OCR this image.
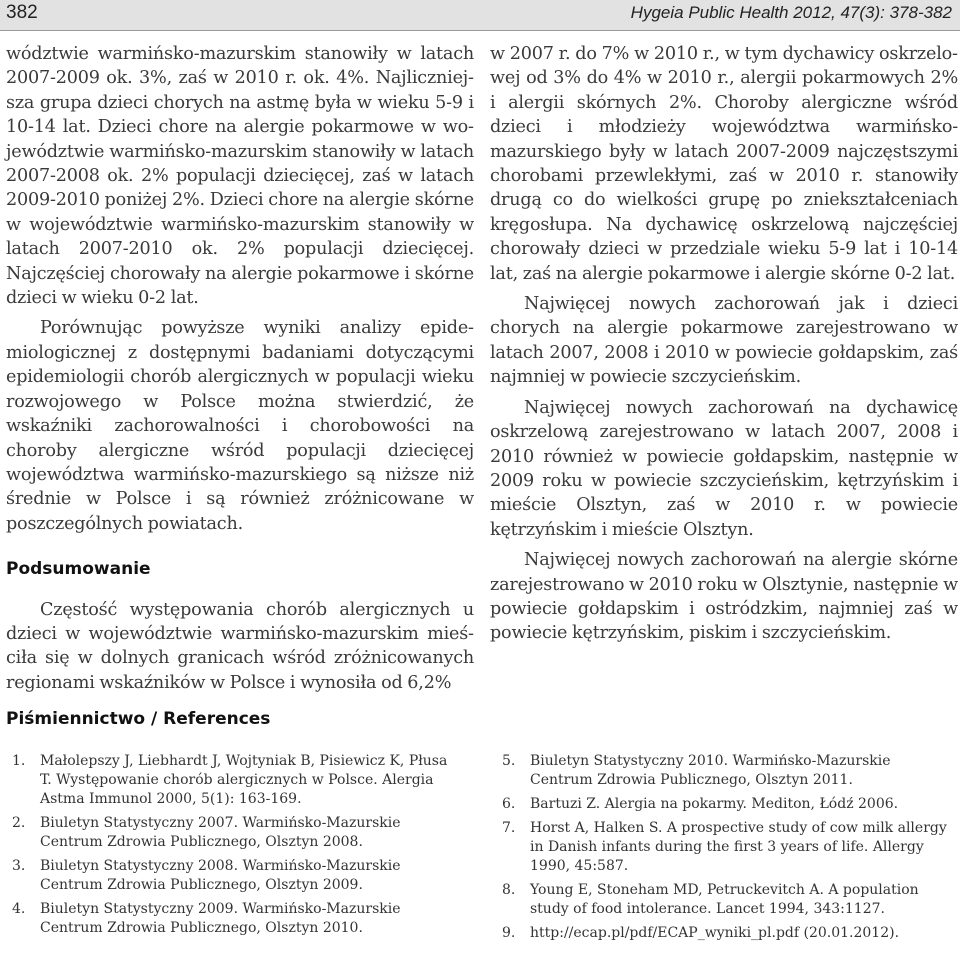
382	Hygeia Public Health 2012, 47(3): 378-382

wództwie warmińsko-mazurskim stanowiły w latach 2007-2009 ok. 3%, zaś w 2010 r. ok. 4%. Najliczniejsza grupa dzieci chorych na astmę była w wieku 5-9 i 10-14 lat. Dzieci chore na alergie pokarmowe w województwie warmińsko-mazurskim stanowiły w latach 2007-2008 ok. 2% populacji dziecięcej, zaś w latach 2009-2010 poniżej 2%. Dzieci chore na alergie skórne w województwie warmińsko-mazurskim stanowiły w latach 2007-2010 ok. 2% populacji dziecięcej. Najczęściej chorowały na alergie pokarmowe i skórne dzieci w wieku 0-2 lat.

Porównując powyższe wyniki analizy epidemiologicznej z dostępnymi badaniami dotyczącymi epidemiologii chorób alergicznych w populacji wieku rozwojowego w Polsce można stwierdzić, że wskaźniki zachorowalności i chorobowości na choroby alergiczne wśród populacji dziecięcej województwa warmińsko-mazurskiego są niższe niż średnie w Polsce i są również zróżnicowane w poszczególnych powiatach.

Podsumowanie

Częstość występowania chorób alergicznych u dzieci w województwie warmińsko-mazurskim mieściła się w dolnych granicach wśród zróżnicowanych regionami wskaźników w Polsce i wynosiła od 6,2%

w 2007 r. do 7% w 2010 r., w tym dychawicy oskrzelowej od 3% do 4% w 2010 r., alergii pokarmowych 2% i alergii skórnych 2%. Choroby alergiczne wśród dzieci i młodzieży województwa warmińsko-mazurskiego były w latach 2007-2009 najczęstszymi chorobami przewlekłymi, zaś w 2010 r. stanowiły drugą co do wielkości grupę po zniekształceniach kręgosłupa. Na dychawicę oskrzelową najczęściej chorowały dzieci w przedziale wieku 5-9 lat i 10-14 lat, zaś na alergie pokarmowe i alergie skórne 0-2 lat.

Najwięcej nowych zachorowań jak i dzieci chorych na alergie pokarmowe zarejestrowano w latach 2007, 2008 i 2010 w powiecie gołdapskim, zaś najmniej w powiecie szczycieńskim.

Najwięcej nowych zachorowań na dychawicę oskrzelową zarejestrowano w latach 2007, 2008 i 2010 również w powiecie gołdapskim, następnie w 2009 roku w powiecie szczycieńskim, kętrzyńskim i mieście Olsztyn, zaś w 2010 r. w powiecie kętrzyńskim i mieście Olsztyn.

Najwięcej nowych zachorowań na alergie skórne zarejestrowano w 2010 roku w Olsztynie, następnie w powiecie gołdapskim i ostródzkim, najmniej zaś w powiecie kętrzyńskim, piskim i szczycieńskim.

Piśmiennictwo / References
1. Małolepszy J, Liebhardt J, Wojtyniak B, Pisiewicz K, Płusa T. Występowanie chorób alergicznych w Polsce. Alergia Astma Immunol 2000, 5(1): 163-169.
2. Biuletyn Statystyczny 2007. Warmińsko-Mazurskie Centrum Zdrowia Publicznego, Olsztyn 2008.
3. Biuletyn Statystyczny 2008. Warmińsko-Mazurskie Centrum Zdrowia Publicznego, Olsztyn 2009.
4. Biuletyn Statystyczny 2009. Warmińsko-Mazurskie Centrum Zdrowia Publicznego, Olsztyn 2010.
5. Biuletyn Statystyczny 2010. Warmińsko-Mazurskie Centrum Zdrowia Publicznego, Olsztyn 2011.
6. Bartuzi Z. Alergia na pokarmy. Mediton, Łódź 2006.
7. Horst A, Halken S. A prospective study of cow milk allergy in Danish infants during the first 3 years of life. Allergy 1990, 45:587.
8. Young E, Stoneham MD, Petruckevitch A. A population study of food intolerance. Lancet 1994, 343:1127.
9. http://ecap.pl/pdf/ECAP_wyniki_pl.pdf (20.01.2012).
